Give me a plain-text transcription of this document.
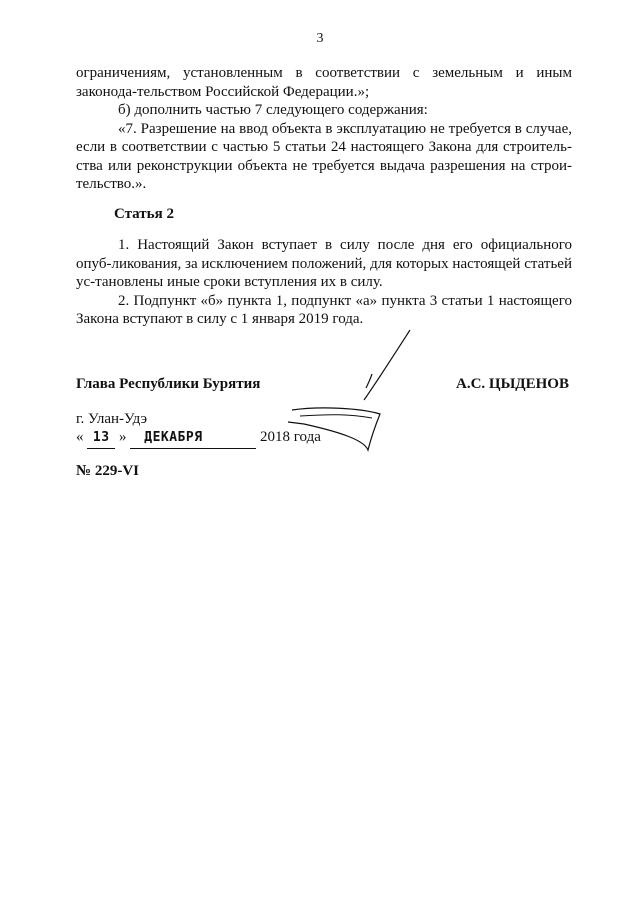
3

ограничениям, установленным в соответствии с земельным и иным законода-тельством Российской Федерации.»;

б) дополнить частью 7 следующего содержания:

«7. Разрешение на ввод объекта в эксплуатацию не требуется в случае, если в соответствии с частью 5 статьи 24 настоящего Закона для строитель-ства или реконструкции объекта не требуется выдача разрешения на строи-тельство.».

Статья 2

1. Настоящий Закон вступает в силу после дня его официального опуб-ликования, за исключением положений, для которых настоящей статьей ус-тановлены иные сроки вступления их в силу.

2. Подпункт «б» пункта 1, подпункт «а» пункта 3 статьи 1 настоящего Закона вступают в силу с 1 января 2019 года.

Глава Республики Бурятия	А.С. ЦЫДЕНОВ
г. Улан-Удэ
« 13 » ДЕКАБРЯ	2018 года
№ 229-VI
